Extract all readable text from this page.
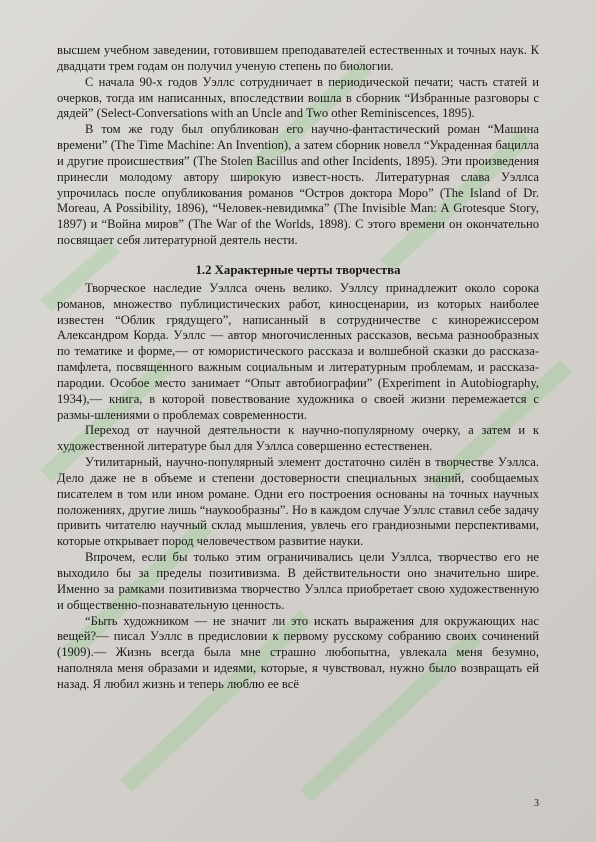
высшем учебном заведении, готовившем преподавателей естественных и точных наук. К двадцати трем годам он получил ученую степень по биологии.

С начала 90-х годов Уэллс сотрудничает в периодической печати; часть статей и очерков, тогда им написанных, впоследствии вошла в сборник “Избранные разговоры с дядей” (Select-Conversations with an Uncle and Two other Reminiscences, 1895).

В том же году был опубликован его научно-фантастический роман “Машина времени” (The Time Machine: An Invention), а затем сборник новелл “Украденная бацилла и другие происшествия” (The Stolen Bacillus and other Incidents, 1895). Эти произведения принесли молодому автору широкую извест-ность. Литературная слава Уэллса упрочилась после опубликования романов “Остров доктора Моро” (The Island of Dr. Moreau, A Possibility, 1896), “Человек-невидимка” (The Invisible Man: A Grotesque Story, 1897) и “Война миров” (The War of the Worlds, 1898). С этого времени он окончательно посвящает себя литературной деятель нести.

1.2 Характерные черты творчества

Творческое наследие Уэллса очень велико. Уэллсу принадлежит около сорока романов, множество публицистических работ, киносценарии, из которых наиболее известен “Облик грядущего”, написанный в сотрудничестве с кинорежиссером Александром Корда. Уэллс — автор многочисленных рассказов, весьма разнообразных по тематике и форме,— от юмористического рассказа и волшебной сказки до рассказа-памфлета, посвященного важным социальным и литературным проблемам, и рассказа-пародии. Особое место занимает “Опыт автобиографии” (Experiment in Autobiography, 1934),— книга, в которой повествование художника о своей жизни перемежается с размы-шлениями о проблемах современности.

Переход от научной деятельности к научно-популярному очерку, а затем и к художественной литературе был для Уэллса совершенно естественен.

Утилитарный, научно-популярный элемент достаточно силён в творчестве Уэллса. Дело даже не в объеме и степени достоверности специальных знаний, сообщаемых писателем в том или ином романе. Одни его построения основаны на точных научных положениях, другие лишь “наукообразны”. Но в каждом случае Уэллс ставил себе задачу привить читателю научный склад мышления, увлечь его грандиозными перспективами, которые открывает пород человечеством развитие науки.

Впрочем, если бы только этим ограничивались цели Уэллса, творчество его не выходило бы за пределы позитивизма. В действительности оно значительно шире. Именно за рамками позитивизма творчество Уэллса приобретает свою художественную и общественно-познавательную ценность.

“Быть художником — не значит ли это искать выражения для окружающих нас вещей?— писал Уэллс в предисловии к первому русскому собранию своих сочинений (1909).— Жизнь всегда была мне страшно любопытна, увлекала меня безумно, наполняла меня образами и идеями, которые, я чувствовал, нужно было возвращать ей назад. Я любил жизнь и теперь люблю ее всё

3
